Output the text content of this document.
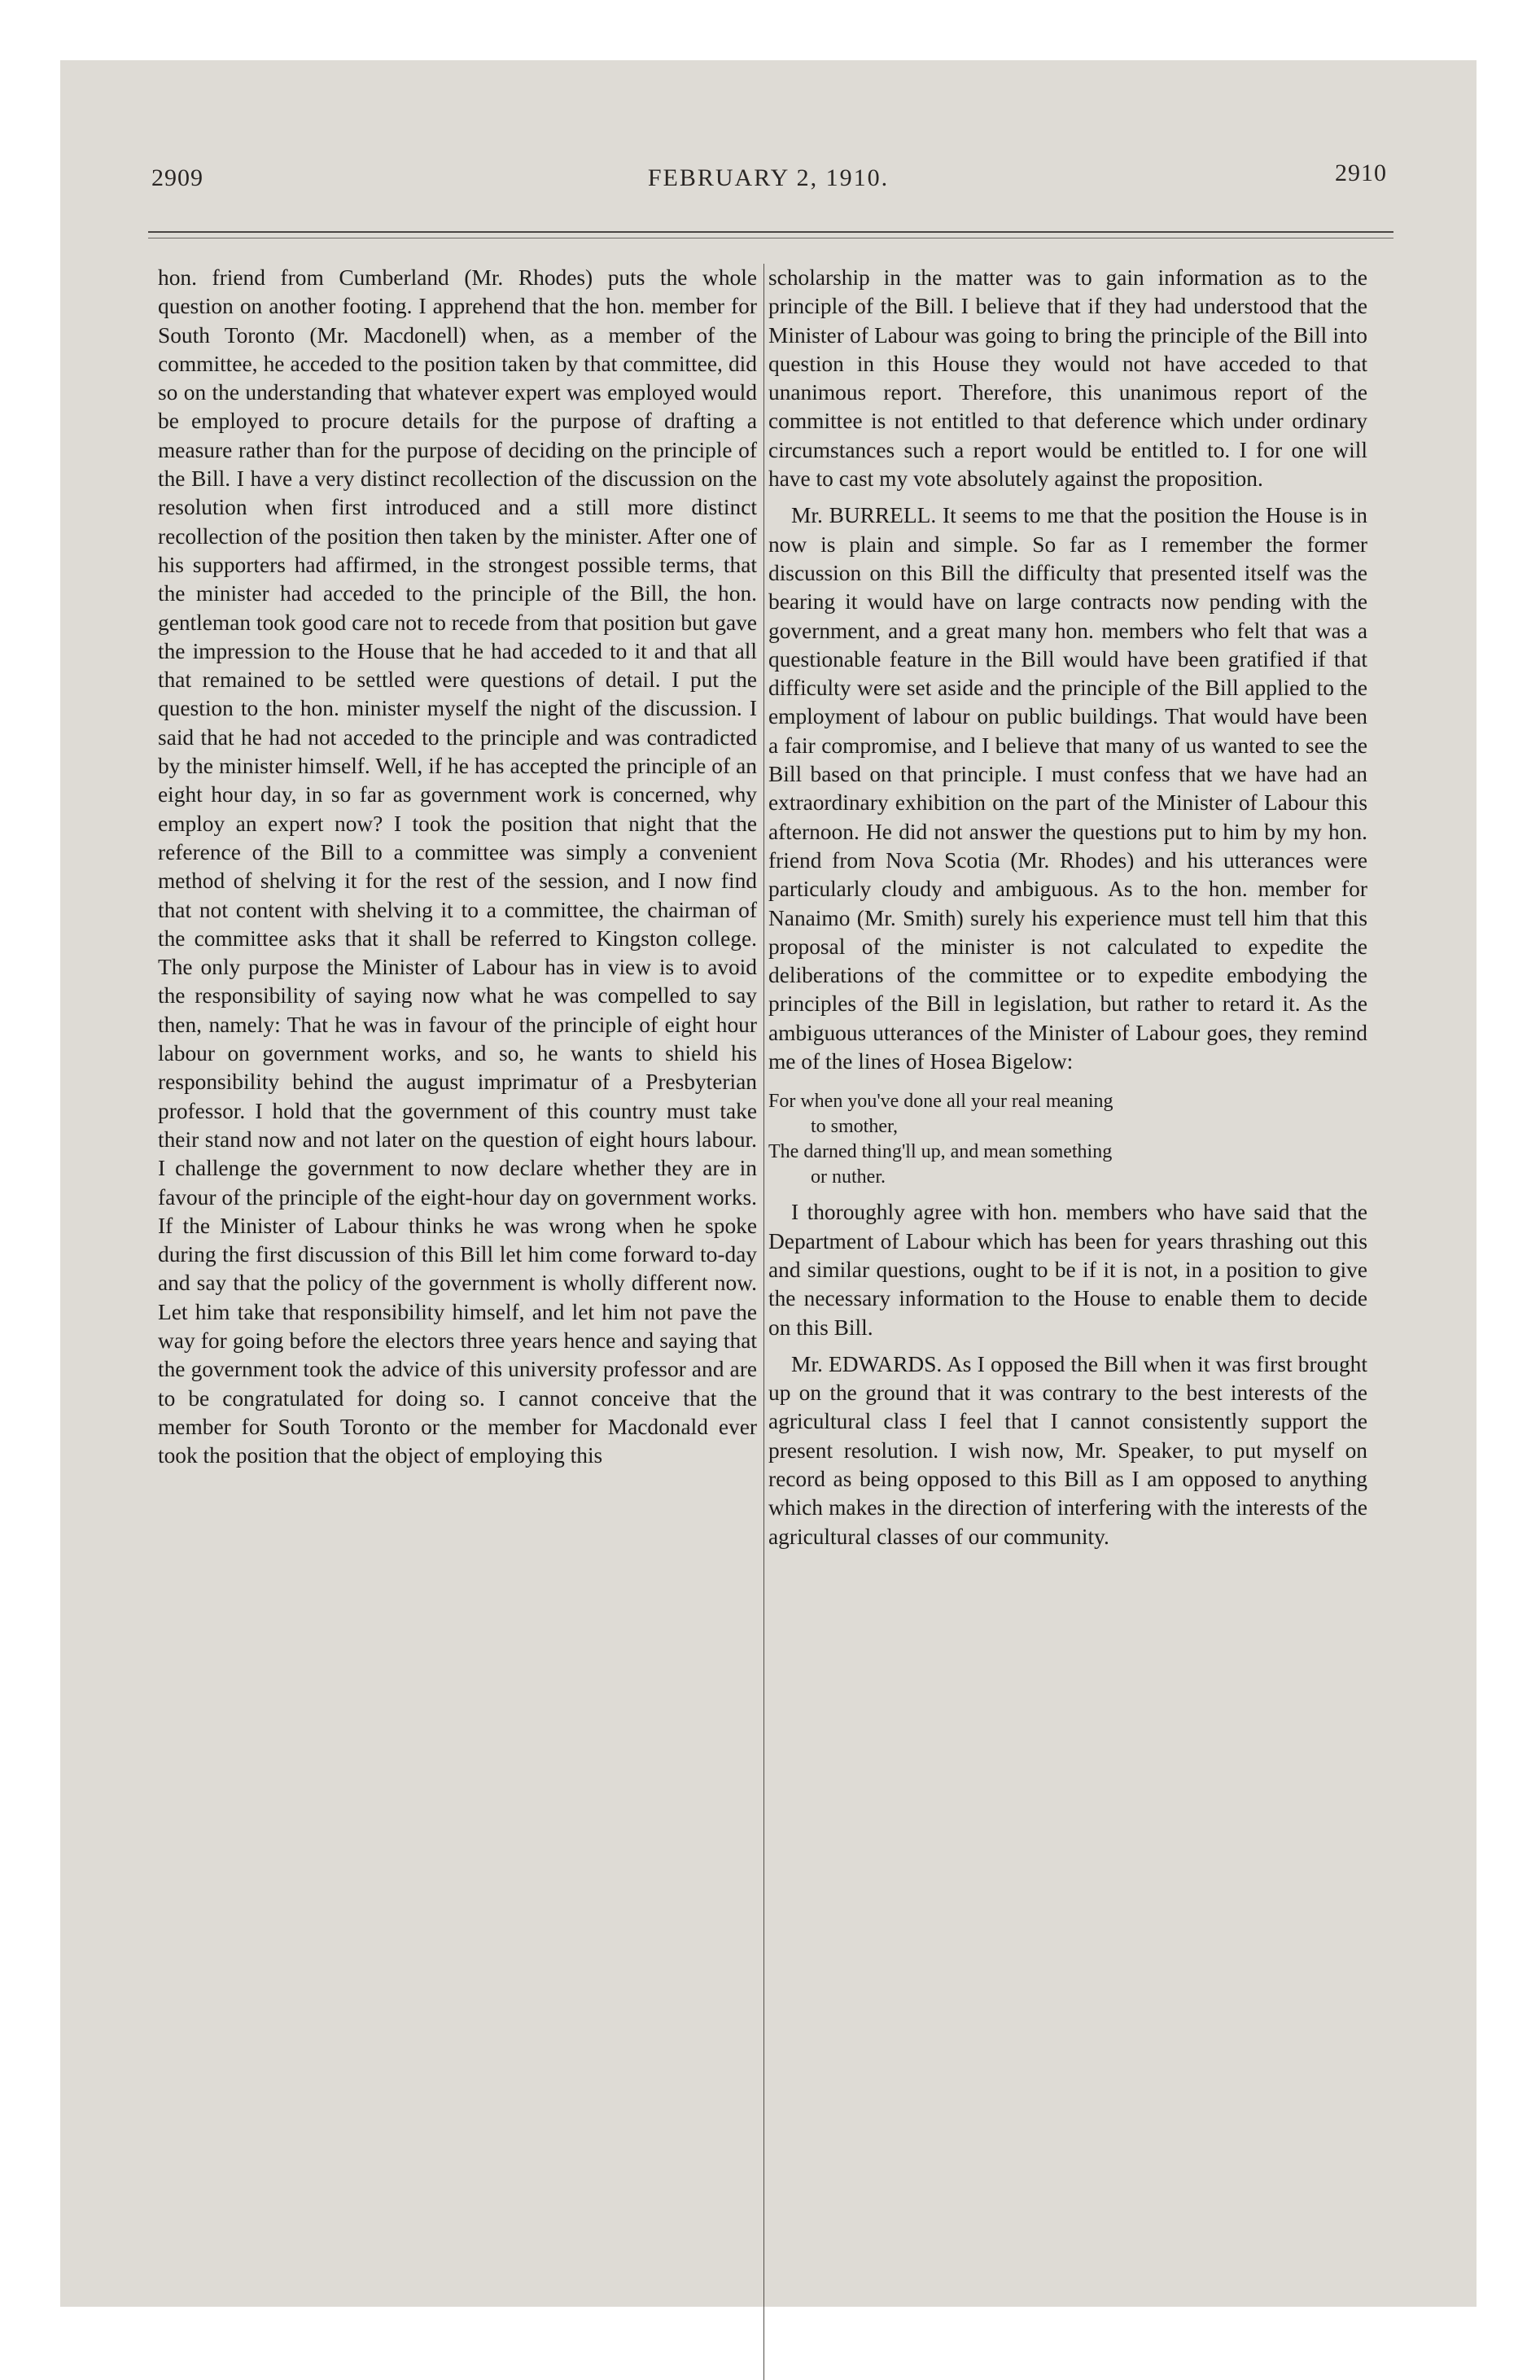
2909	FEBRUARY 2, 1910.	2910

hon. friend from Cumberland (Mr. Rhodes) puts the whole question on another footing. I apprehend that the hon. member for South Toronto (Mr. Macdonell) when, as a member of the committee, he acceded to the position taken by that committee, did so on the understanding that whatever expert was employed would be employed to procure details for the purpose of drafting a measure rather than for the purpose of deciding on the principle of the Bill. I have a very distinct recollection of the discussion on the resolution when first introduced and a still more distinct recollection of the position then taken by the minister. After one of his supporters had affirmed, in the strongest possible terms, that the minister had acceded to the principle of the Bill, the hon. gentleman took good care not to recede from that position but gave the impression to the House that he had acceded to it and that all that remained to be settled were questions of detail. I put the question to the hon. minister myself the night of the discussion. I said that he had not acceded to the principle and was contradicted by the minister himself. Well, if he has accepted the principle of an eight hour day, in so far as government work is concerned, why employ an expert now? I took the position that night that the reference of the Bill to a committee was simply a convenient method of shelving it for the rest of the session, and I now find that not content with shelving it to a committee, the chairman of the committee asks that it shall be referred to Kingston college. The only purpose the Minister of Labour has in view is to avoid the responsibility of saying now what he was compelled to say then, namely: That he was in favour of the principle of eight hour labour on government works, and so, he wants to shield his responsibility behind the august imprimatur of a Presbyterian professor. I hold that the government of this country must take their stand now and not later on the question of eight hours labour. I challenge the government to now declare whether they are in favour of the principle of the eight-hour day on government works. If the Minister of Labour thinks he was wrong when he spoke during the first discussion of this Bill let him come forward to-day and say that the policy of the government is wholly different now. Let him take that responsibility himself, and let him not pave the way for going before the electors three years hence and saying that the government took the advice of this university professor and are to be congratulated for doing so. I cannot conceive that the member for South Toronto or the member for Macdonald ever took the position that the object of employing this

scholarship in the matter was to gain information as to the principle of the Bill. I believe that if they had understood that the Minister of Labour was going to bring the principle of the Bill into question in this House they would not have acceded to that unanimous report. Therefore, this unanimous report of the committee is not entitled to that deference which under ordinary circumstances such a report would be entitled to. I for one will have to cast my vote absolutely against the proposition.

Mr. BURRELL. It seems to me that the position the House is in now is plain and simple. So far as I remember the former discussion on this Bill the difficulty that presented itself was the bearing it would have on large contracts now pending with the government, and a great many hon. members who felt that was a questionable feature in the Bill would have been gratified if that difficulty were set aside and the principle of the Bill applied to the employment of labour on public buildings. That would have been a fair compromise, and I believe that many of us wanted to see the Bill based on that principle. I must confess that we have had an extraordinary exhibition on the part of the Minister of Labour this afternoon. He did not answer the questions put to him by my hon. friend from Nova Scotia (Mr. Rhodes) and his utterances were particularly cloudy and ambiguous. As to the hon. member for Nanaimo (Mr. Smith) surely his experience must tell him that this proposal of the minister is not calculated to expedite the deliberations of the committee or to expedite embodying the principles of the Bill in legislation, but rather to retard it. As the ambiguous utterances of the Minister of Labour goes, they remind me of the lines of Hosea Bigelow:

For when you've done all your real meaning
to smother,
The darned thing'll up, and mean something
or nuther.

I thoroughly agree with hon. members who have said that the Department of Labour which has been for years thrashing out this and similar questions, ought to be if it is not, in a position to give the necessary information to the House to enable them to decide on this Bill.

Mr. EDWARDS. As I opposed the Bill when it was first brought up on the ground that it was contrary to the best interests of the agricultural class I feel that I cannot consistently support the present resolution. I wish now, Mr. Speaker, to put myself on record as being opposed to this Bill as I am opposed to anything which makes in the direction of interfering with the interests of the agricultural classes of our community.
